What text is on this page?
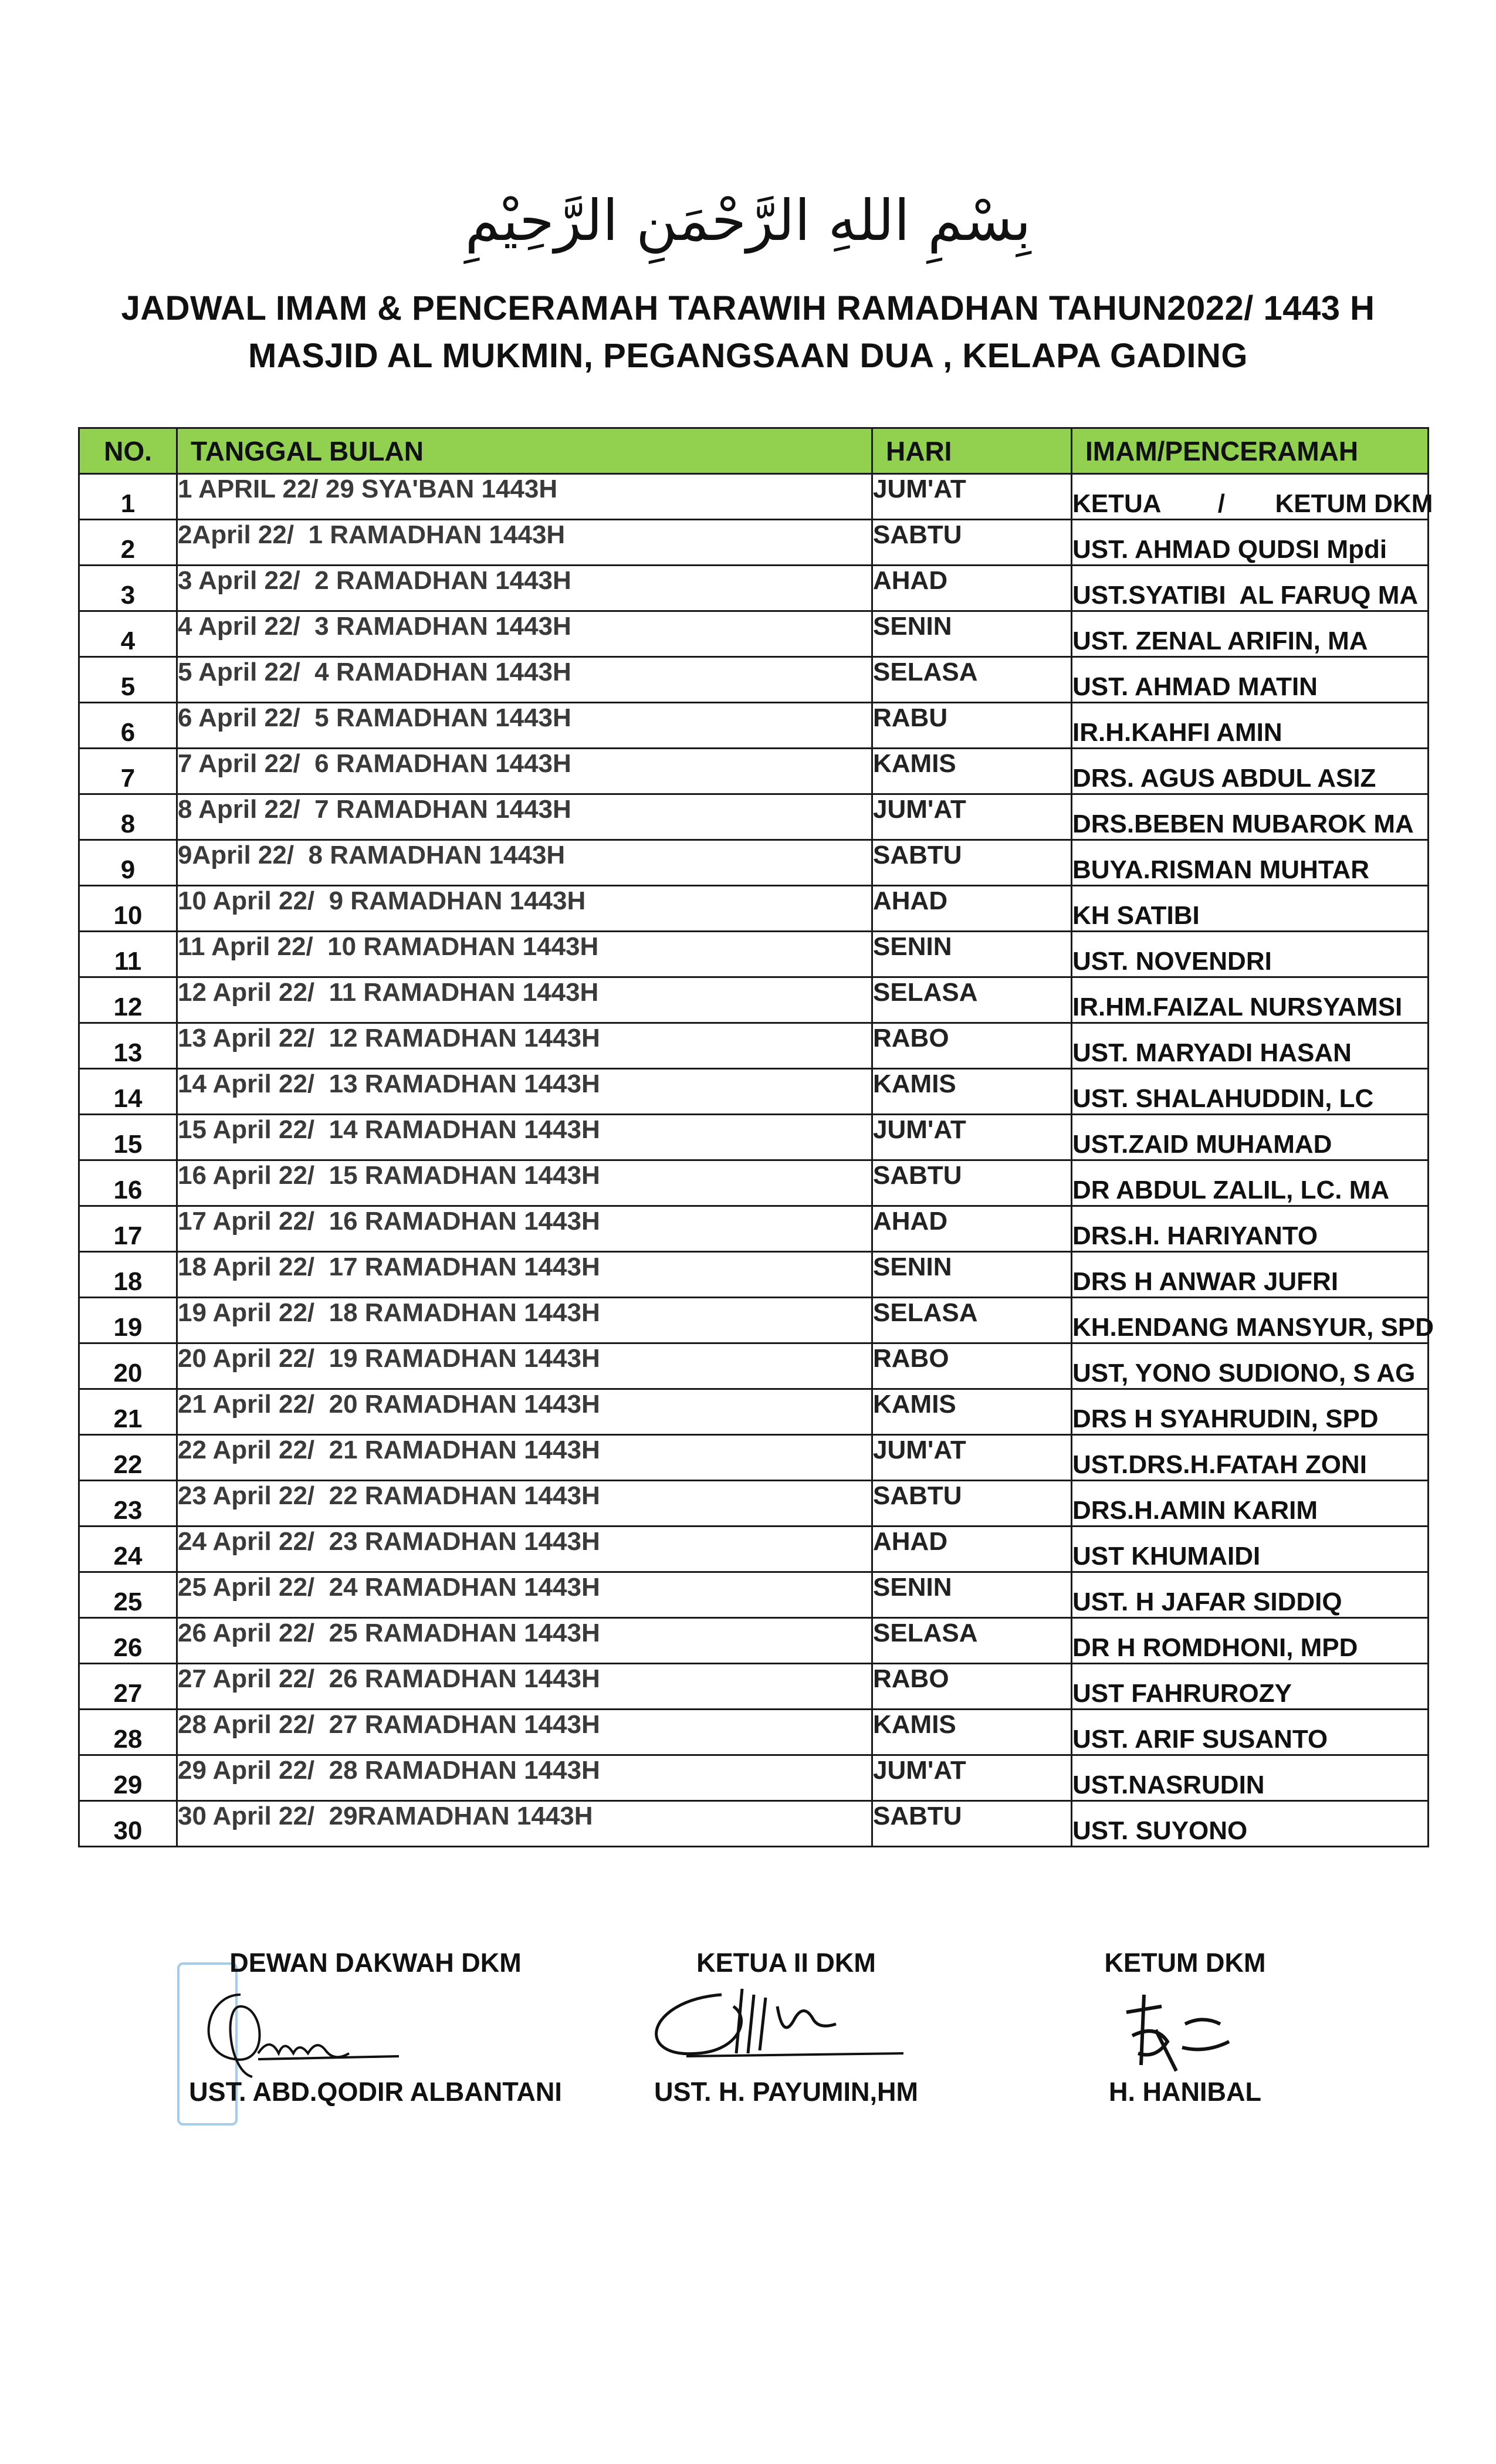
بِسْمِ اللهِ الرَّحْمَنِ الرَّحِيْمِ
JADWAL IMAM & PENCERAMAH TARAWIH RAMADHAN TAHUN2022/ 1443 H
MASJID AL MUKMIN, PEGANGSAAN DUA , KELAPA GADING
NO.	TANGGAL BULAN	HARI	IMAM / PENCERAMAH

1	1 APRIL 22/ 29 SYA'BAN 1443H	JUM'AT	KETUA        /       KETUM DKM
2	2April 22/  1 RAMADHAN 1443H	SABTU	UST. AHMAD QUDSI Mpdi
3	3 April 22/  2 RAMADHAN 1443H	AHAD	UST.SYATIBI  AL FARUQ MA
4	4 April 22/  3 RAMADHAN 1443H	SENIN	UST. ZENAL ARIFIN, MA
5	5 April 22/  4 RAMADHAN 1443H	SELASA	UST. AHMAD MATIN
6	6 April 22/  5 RAMADHAN 1443H	RABU	IR.H.KAHFI AMIN
7	7 April 22/  6 RAMADHAN 1443H	KAMIS	DRS. AGUS ABDUL ASIZ
8	8 April 22/  7 RAMADHAN 1443H	JUM'AT	DRS.BEBEN MUBAROK MA
9	9April 22/  8 RAMADHAN 1443H	SABTU	BUYA.RISMAN MUHTAR
10	10 April 22/  9 RAMADHAN 1443H	AHAD	KH SATIBI
11	11 April 22/  10 RAMADHAN 1443H	SENIN	UST. NOVENDRI
12	12 April 22/  11 RAMADHAN 1443H	SELASA	IR.HM.FAIZAL NURSYAMSI
13	13 April 22/  12 RAMADHAN 1443H	RABO	UST. MARYADI HASAN
14	14 April 22/  13 RAMADHAN 1443H	KAMIS	UST. SHALAHUDDIN, LC
15	15 April 22/  14 RAMADHAN 1443H	JUM'AT	UST.ZAID MUHAMAD
16	16 April 22/  15 RAMADHAN 1443H	SABTU	DR ABDUL ZALIL, LC. MA
17	17 April 22/  16 RAMADHAN 1443H	AHAD	DRS.H. HARIYANTO
18	18 April 22/  17 RAMADHAN 1443H	SENIN	DRS H ANWAR JUFRI
19	19 April 22/  18 RAMADHAN 1443H	SELASA	KH.ENDANG MANSYUR, SPD
20	20 April 22/  19 RAMADHAN 1443H	RABO	UST, YONO SUDIONO, S AG
21	21 April 22/  20 RAMADHAN 1443H	KAMIS	DRS H SYAHRUDIN, SPD
22	22 April 22/  21 RAMADHAN 1443H	JUM'AT	UST.DRS.H.FATAH ZONI
23	23 April 22/  22 RAMADHAN 1443H	SABTU	DRS.H.AMIN KARIM
24	24 April 22/  23 RAMADHAN 1443H	AHAD	UST KHUMAIDI
25	25 April 22/  24 RAMADHAN 1443H	SENIN	UST. H JAFAR SIDDIQ
26	26 April 22/  25 RAMADHAN 1443H	SELASA	DR H ROMDHONI, MPD
27	27 April 22/  26 RAMADHAN 1443H	RABO	UST FAHRUROZY
28	28 April 22/  27 RAMADHAN 1443H	KAMIS	UST. ARIF SUSANTO
29	29 April 22/  28 RAMADHAN 1443H	JUM'AT	UST.NASRUDIN
30	30 April 22/  29RAMADHAN 1443H	SABTU	UST. SUYONO
DEWAN DAKWAH DKM
UST. ABD.QODIR ALBANTANI
KETUA II DKM
UST. H. PAYUMIN,HM
KETUM DKM
H. HANIBAL
